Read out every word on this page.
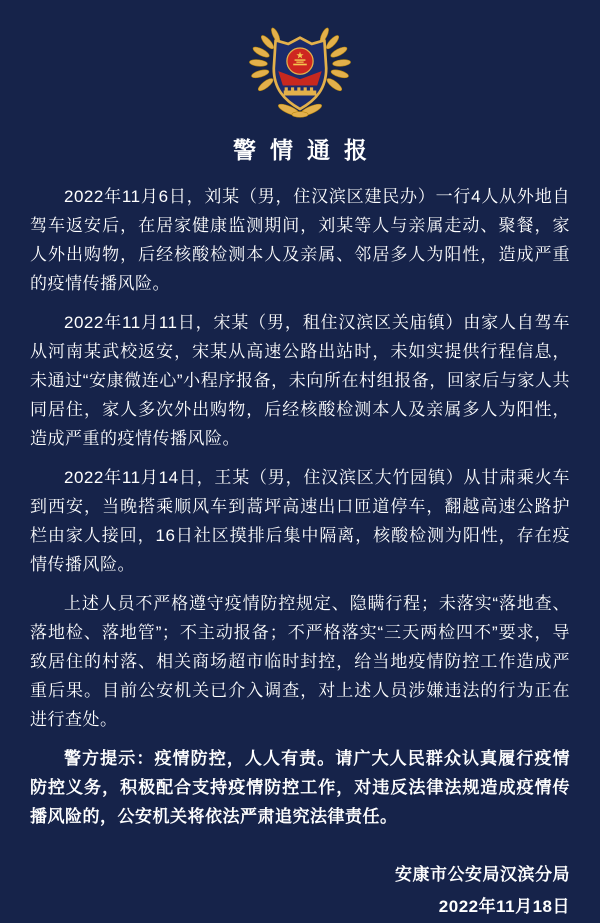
警情通报

2022年11月6日，刘某（男，住汉滨区建民办）一行4人从外地自驾车返安后，在居家健康监测期间，刘某等人与亲属走动、聚餐，家人外出购物，后经核酸检测本人及亲属、邻居多人为阳性，造成严重的疫情传播风险。

2022年11月11日，宋某（男，租住汉滨区关庙镇）由家人自驾车从河南某武校返安，宋某从高速公路出站时，未如实提供行程信息，未通过“安康微连心”小程序报备，未向所在村组报备，回家后与家人共同居住，家人多次外出购物，后经核酸检测本人及亲属多人为阳性，造成严重的疫情传播风险。

2022年11月14日，王某（男，住汉滨区大竹园镇）从甘肃乘火车到西安，当晚搭乘顺风车到蒿坪高速出口匝道停车，翻越高速公路护栏由家人接回，16日社区摸排后集中隔离，核酸检测为阳性，存在疫情传播风险。

上述人员不严格遵守疫情防控规定、隐瞒行程；未落实“落地查、落地检、落地管”；不主动报备；不严格落实“三天两检四不”要求，导致居住的村落、相关商场超市临时封控，给当地疫情防控工作造成严重后果。目前公安机关已介入调查，对上述人员涉嫌违法的行为正在进行查处。

警方提示：疫情防控，人人有责。请广大人民群众认真履行疫情防控义务，积极配合支持疫情防控工作，对违反法律法规造成疫情传播风险的，公安机关将依法严肃追究法律责任。

安康市公安局汉滨分局
2022年11月18日
